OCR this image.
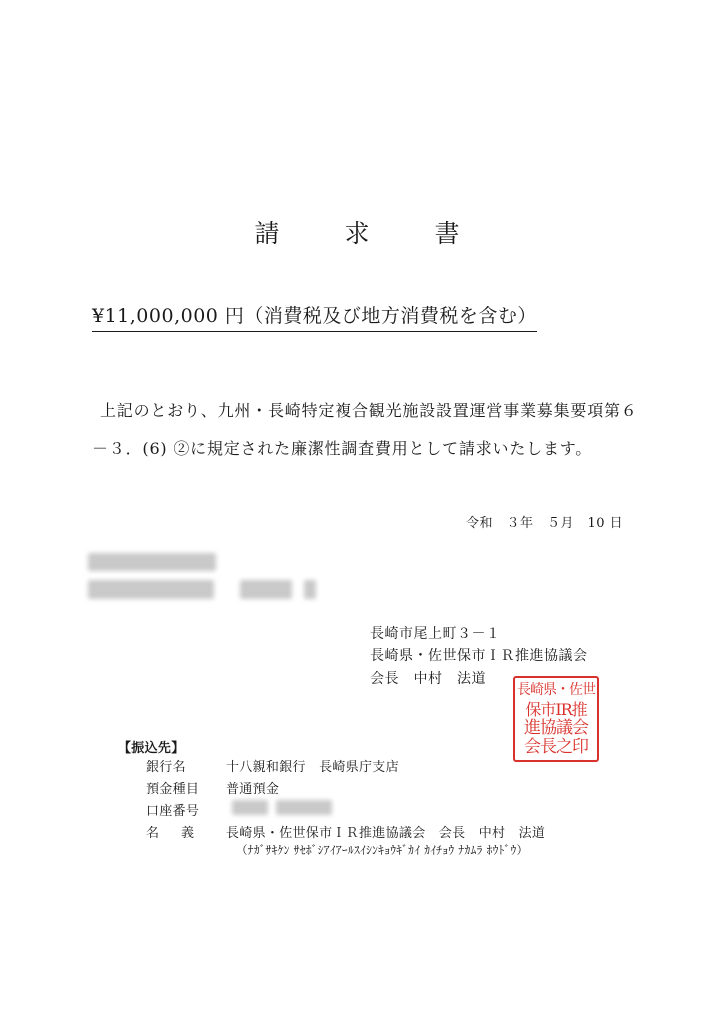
請　求　書
¥11,000,000 円（消費税及び地方消費税を含む）
上記のとおり、九州・長崎特定複合観光施設設置運営事業募集要項第６
－３．(6) ②に規定された廉潔性調査費用として請求いたします。
令和　３年　５月　10 日
長崎市尾上町３－１
長崎県・佐世保市ＩＲ推進協議会
会長　中村　法道
長崎県・佐世
保市IR推
進協議会
会長之印
【振込先】
銀行名	十八親和銀行　長崎県庁支店
預金種目 普通預金
口座番号
名義 長崎県・佐世保市ＩＲ推進協議会　会長　中村　法道
（ﾅｶﾞｻｷｹﾝ ｻｾﾎﾞｼｱｲｱｰﾙｽｲｼﾝｷｮｳｷﾞｶｲ ｶｲﾁｮｳ ﾅｶﾑﾗ ﾎｳﾄﾞｳ）
